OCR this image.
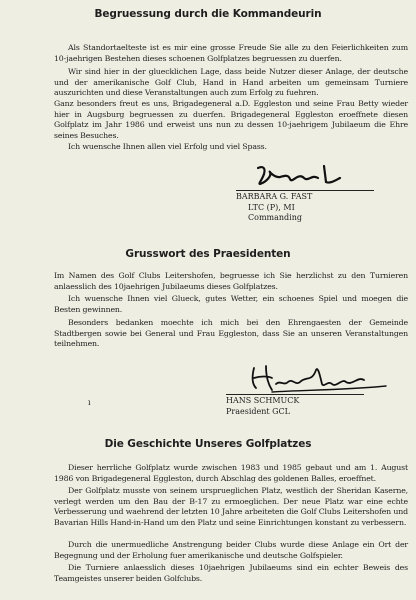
Begruessung durch die Kommandeurin

Als Standortaelteste ist es mir eine grosse Freude Sie alle zu den Feierlichkeiten zum 10-jaehrigen Bestehen dieses schoenen Golfplatzes begruessen zu duerfen.

Wir sind hier in der gluecklichen Lage, dass beide Nutzer dieser Anlage, der deutsche und der amerikanische Golf Club, Hand in Hand arbeiten um gemeinsam Turniere auszurichten und diese Veranstaltungen auch zum Erfolg zu fuehren.

Ganz besonders freut es uns, Brigadegeneral a.D. Eggleston und seine Frau Betty wieder hier in Augsburg begruessen zu duerfen. Brigadegeneral Eggleston eroeffnete diesen Golfplatz im Jahr 1986 und erweist uns nun zu dessen 10-jaehrigem Jubilaeum die Ehre seines Besuches.

Ich wuensche Ihnen allen viel Erfolg und viel Spass.

BARBARA G. FAST
LTC (P), MI
Commanding
Grusswort des Praesidenten

Im Namen des Golf Clubs Leitershofen, begruesse ich Sie herzlichst zu den Turnieren anlaesslich des 10jaehrigen Jubilaeums dieses Golfplatzes.

Ich wuensche Ihnen viel Glueck, gutes Wetter, ein schoenes Spiel und moegen die Besten gewinnen.

Besonders bedanken moechte ich mich bei den Ehrengaesten der Gemeinde Stadtbergen sowie bei General und Frau Eggleston, dass Sie an unseren Veranstaltungen teilnehmen.

HANS SCHMUCK
Praesident GCL
ı
Die Geschichte Unseres Golfplatzes

Dieser herrliche Golfplatz wurde zwischen 1983 und 1985 gebaut und am 1. August 1986 von Brigadegeneral Eggleston, durch Abschlag des goldenen Balles, eroeffnet.

Der Golfplatz musste von seinem ursprueglichen Platz, westlich der Sheridan Kaserne, verlegt werden um den Bau der B-17 zu ermoeglichen. Der neue Platz war eine echte Verbesserung und waehrend der letzten 10 Jahre arbeiteten die Golf Clubs Leitershofen und Bavarian Hills Hand-in-Hand um den Platz und seine Einrichtungen konstant zu verbessern.

Durch die unermuedliche Anstrengung beider Clubs wurde diese Anlage ein Ort der Begegnung und der Erholung fuer amerikanische und deutsche Golfspieler.

Die Turniere anlaesslich dieses 10jaehrigen Jubilaeums sind ein echter Beweis des Teamgeistes unserer beiden Golfclubs.
